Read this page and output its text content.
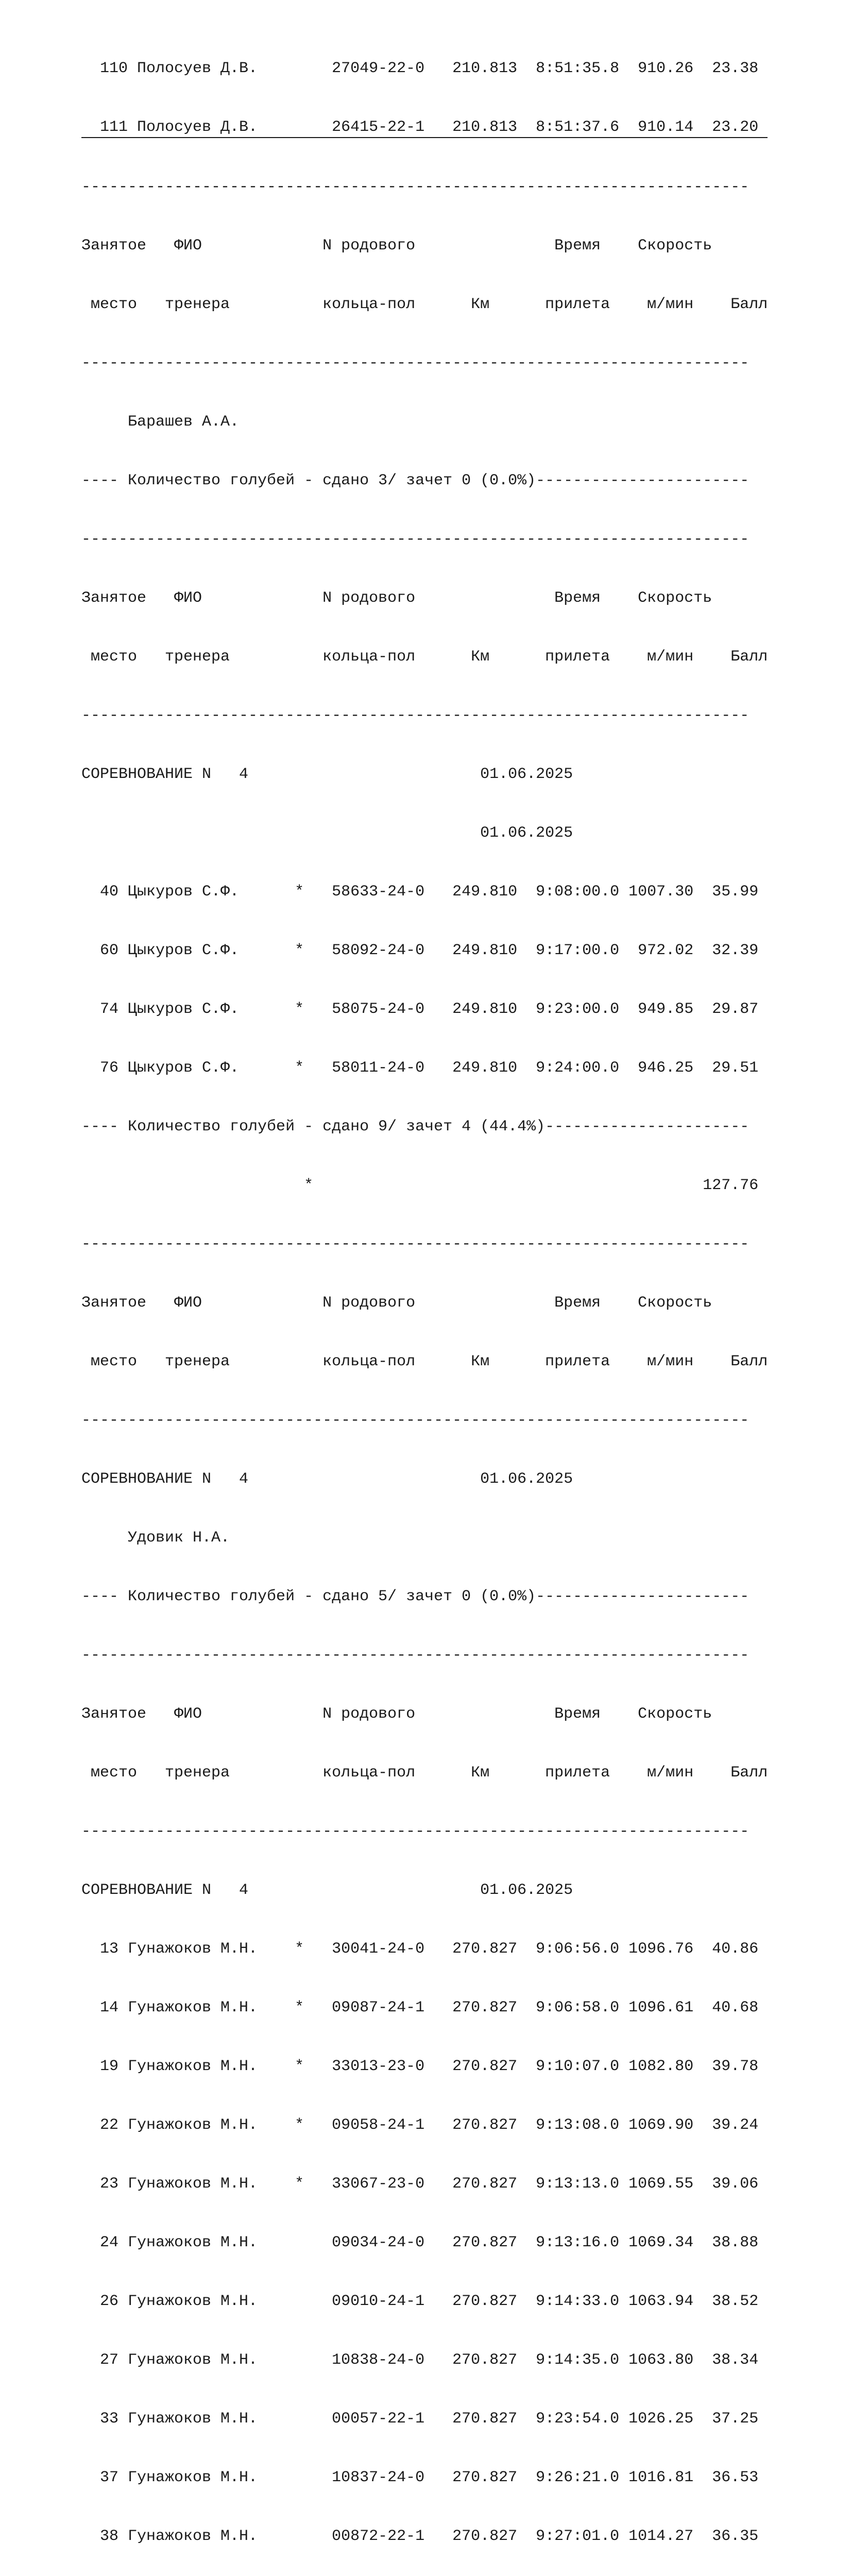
110 Полосуев Д.В.        27049-22-0   210.813  8:51:35.8  910.26  23.38

111 Полосуев Д.В.        26415-22-1   210.813  8:51:37.6  910.14  23.20

------------------------------------------------------------------------

Занятое   ФИО             N родового               Время    Скорость

место   тренера          кольца-пол      Км      прилета    м/мин    Балл

------------------------------------------------------------------------

Барашев А.А.

---- Количество голубей - сдано 3/ зачет 0 (0.0%)-----------------------

------------------------------------------------------------------------

Занятое   ФИО             N родового               Время    Скорость

место   тренера          кольца-пол      Км      прилета    м/мин    Балл

------------------------------------------------------------------------

СОРЕВНОВАНИЕ N   4                         01.06.2025

01.06.2025

40 Цыкуров С.Ф.      *   58633-24-0   249.810  9:08:00.0 1007.30  35.99

60 Цыкуров С.Ф.      *   58092-24-0   249.810  9:17:00.0  972.02  32.39

74 Цыкуров С.Ф.      *   58075-24-0   249.810  9:23:00.0  949.85  29.87

76 Цыкуров С.Ф.      *   58011-24-0   249.810  9:24:00.0  946.25  29.51

---- Количество голубей - сдано 9/ зачет 4 (44.4%)----------------------

*                                          127.76

------------------------------------------------------------------------

Занятое   ФИО             N родового               Время    Скорость

место   тренера          кольца-пол      Км      прилета    м/мин    Балл

------------------------------------------------------------------------

СОРЕВНОВАНИЕ N   4                         01.06.2025

Удовик Н.А.

---- Количество голубей - сдано 5/ зачет 0 (0.0%)-----------------------

------------------------------------------------------------------------

Занятое   ФИО             N родового               Время    Скорость

место   тренера          кольца-пол      Км      прилета    м/мин    Балл

------------------------------------------------------------------------

СОРЕВНОВАНИЕ N   4                         01.06.2025

13 Гунажоков М.Н.    *   30041-24-0   270.827  9:06:56.0 1096.76  40.86

14 Гунажоков М.Н.    *   09087-24-1   270.827  9:06:58.0 1096.61  40.68

19 Гунажоков М.Н.    *   33013-23-0   270.827  9:10:07.0 1082.80  39.78

22 Гунажоков М.Н.    *   09058-24-1   270.827  9:13:08.0 1069.90  39.24

23 Гунажоков М.Н.    *   33067-23-0   270.827  9:13:13.0 1069.55  39.06

24 Гунажоков М.Н.        09034-24-0   270.827  9:13:16.0 1069.34  38.88

26 Гунажоков М.Н.        09010-24-1   270.827  9:14:33.0 1063.94  38.52

27 Гунажоков М.Н.        10838-24-0   270.827  9:14:35.0 1063.80  38.34

33 Гунажоков М.Н.        00057-22-1   270.827  9:23:54.0 1026.25  37.25

37 Гунажоков М.Н.        10837-24-0   270.827  9:26:21.0 1016.81  36.53

38 Гунажоков М.Н.        00872-22-1   270.827  9:27:01.0 1014.27  36.35
